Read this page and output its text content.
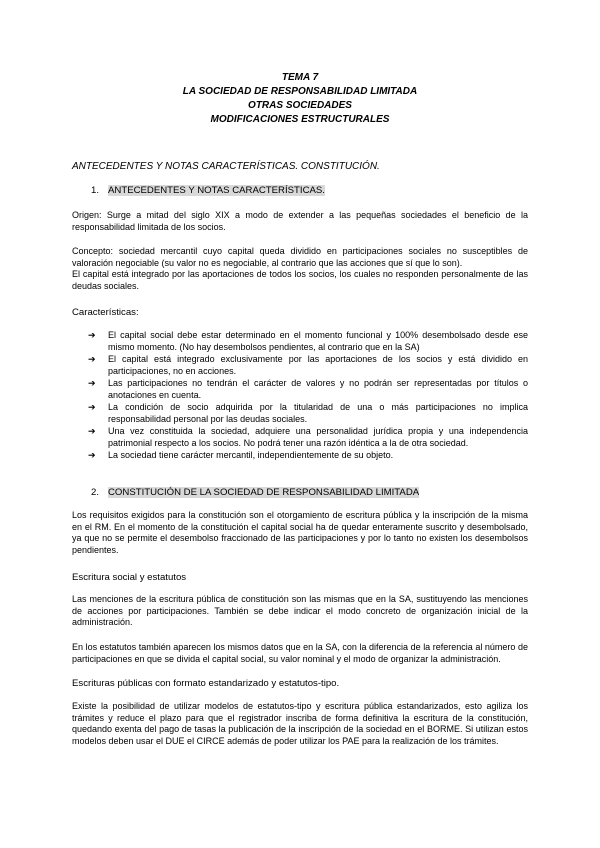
TEMA 7
LA SOCIEDAD DE RESPONSABILIDAD LIMITADA
OTRAS SOCIEDADES
MODIFICACIONES ESTRUCTURALES
ANTECEDENTES Y NOTAS CARACTERÍSTICAS. CONSTITUCIÓN.
1. ANTECEDENTES Y NOTAS CARACTERÍSTICAS.
Origen: Surge a mitad del siglo XIX a modo de extender a las pequeñas sociedades el beneficio de la responsabilidad limitada de los socios.
Concepto: sociedad mercantil cuyo capital queda dividido en participaciones sociales no susceptibles de valoración negociable (su valor no es negociable, al contrario que las acciones que sí que lo son).
El capital está integrado por las aportaciones de todos los socios, los cuales no responden personalmente de las deudas sociales.
Características:
➔	El capital social debe estar determinado en el momento funcional y 100% desembolsado desde ese mismo momento. (No hay desembolsos pendientes, al contrario que en la SA)
➔	El capital está integrado exclusivamente por las aportaciones de los socios y está dividido en participaciones, no en acciones.
➔	Las participaciones no tendrán el carácter de valores y no podrán ser representadas por títulos o anotaciones en cuenta.
➔	La condición de socio adquirida por la titularidad de una o más participaciones no implica responsabilidad personal por las deudas sociales.
➔	Una vez constituida la sociedad, adquiere una personalidad jurídica propia y una independencia patrimonial respecto a los socios. No podrá tener una razón idéntica a la de otra sociedad.
➔	La sociedad tiene carácter mercantil, independientemente de su objeto.
2. CONSTITUCIÓN DE LA SOCIEDAD DE RESPONSABILIDAD LIMITADA
Los requisitos exigidos para la constitución son el otorgamiento de escritura pública y la inscripción de la misma en el RM. En el momento de la constitución el capital social ha de quedar enteramente suscrito y desembolsado, ya que no se permite el desembolso fraccionado de las participaciones y por lo tanto no existen los desembolsos pendientes.
Escritura social y estatutos
Las menciones de la escritura pública de constitución son las mismas que en la SA, sustituyendo las menciones de acciones por participaciones. También se debe indicar el modo concreto de organización inicial de la administración.
En los estatutos también aparecen los mismos datos que en la SA, con la diferencia de la referencia al número de participaciones en que se divida el capital social, su valor nominal y el modo de organizar la administración.
Escrituras públicas con formato estandarizado y estatutos-tipo.
Existe la posibilidad de utilizar modelos de estatutos-tipo y escritura pública estandarizados, esto agiliza los trámites y reduce el plazo para que el registrador inscriba de forma definitiva la escritura de la constitución, quedando exenta del pago de tasas la publicación de la inscripción de la sociedad en el BORME. Si utilizan estos modelos deben usar el DUE el CIRCE además de poder utilizar los PAE para la realización de los trámites.
